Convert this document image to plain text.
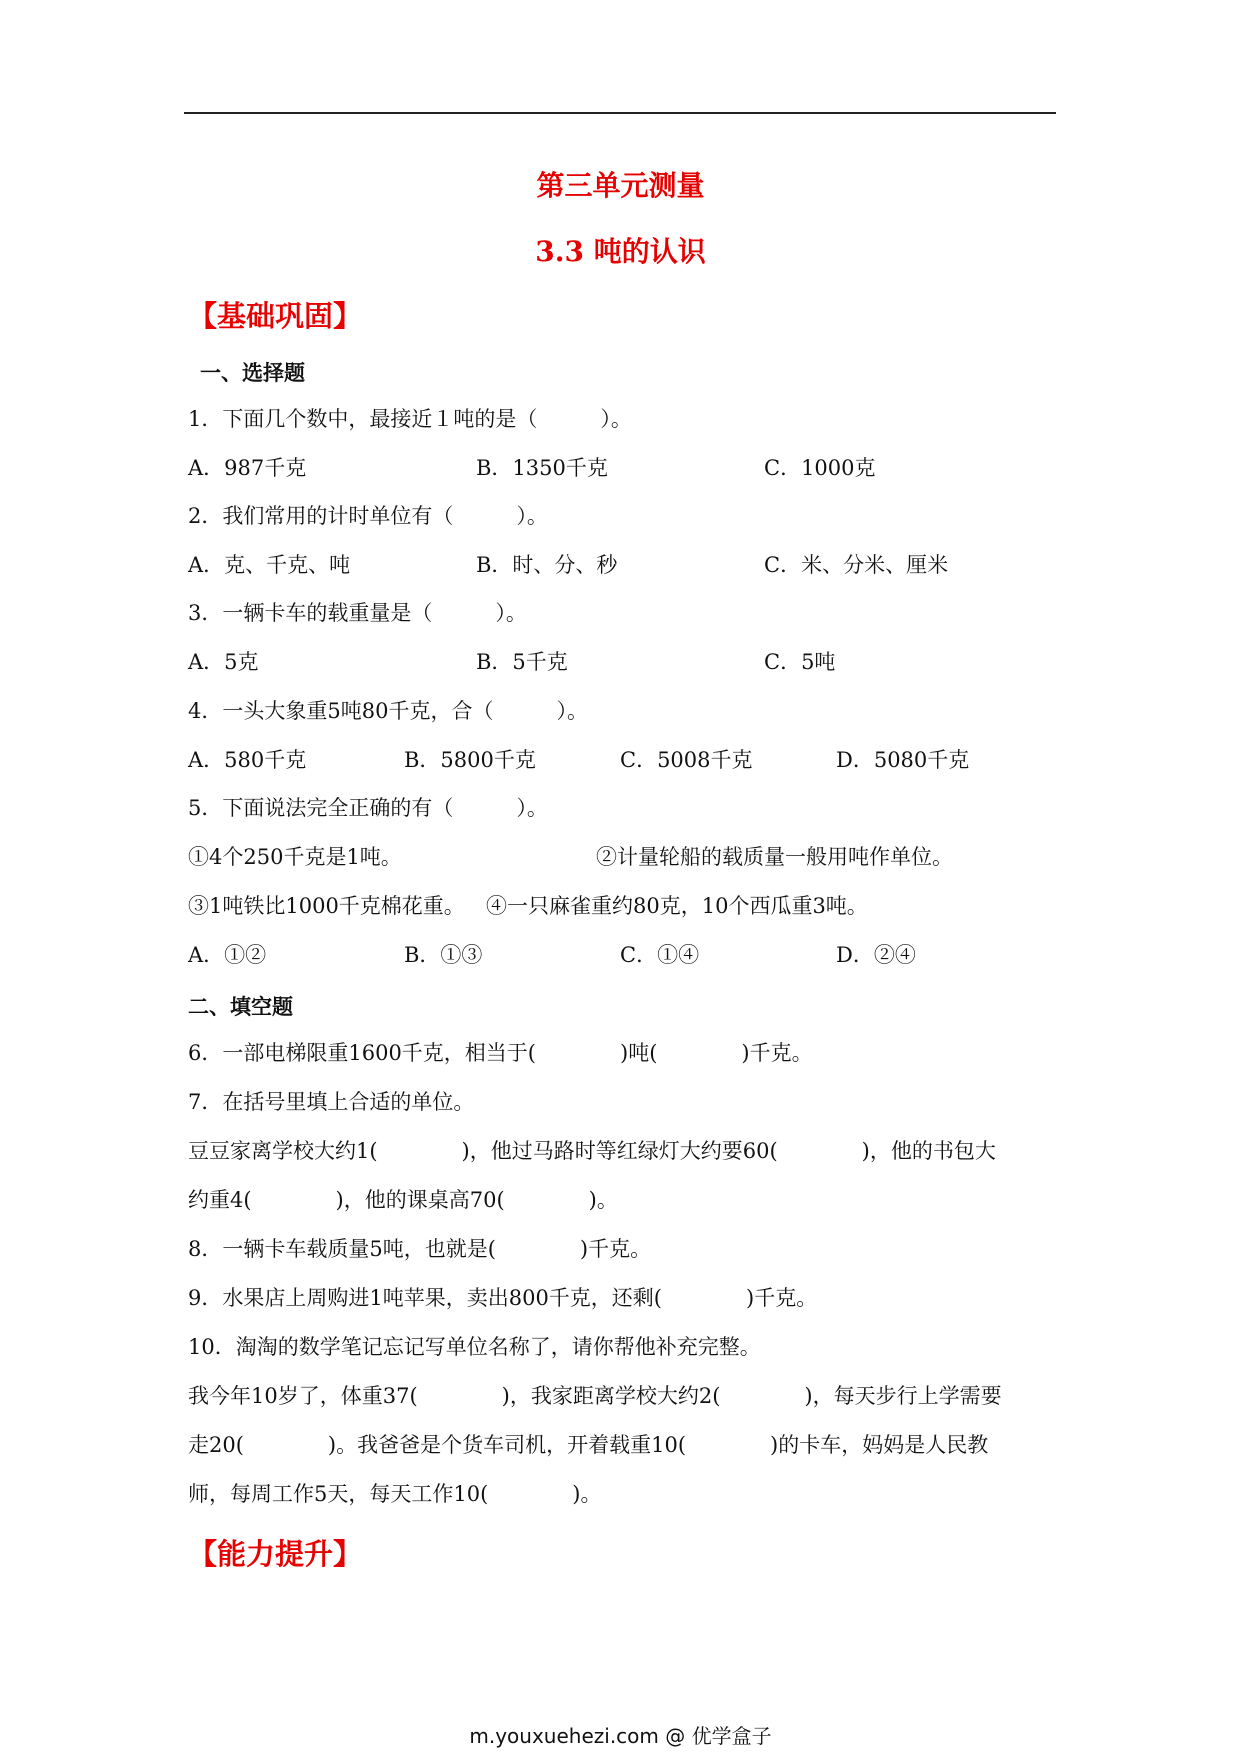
第三单元测量
3.3 吨的认识
【基础巩固】
一、选择题
1．下面几个数中，最接近１吨的是（　　　）。
A．987千克	B．1350千克	C．1000克
2．我们常用的计时单位有（　　　）。
A．克、千克、吨	B．时、分、秒	C．米、分米、厘米
3．一辆卡车的载重量是（　　　）。
A．5克	B．5千克	C．5吨
4．一头大象重5吨80千克，合（　　　）。
A．580千克	B．5800千克	C．5008千克	D．5080千克
5．下面说法完全正确的有（　　　）。
①4个250千克是1吨。	②计量轮船的载质量一般用吨作单位。
③1吨铁比1000千克棉花重。 ④一只麻雀重约80克，10个西瓜重3吨。
A．①②	B．①③	C．①④	D．②④
二、填空题
6．一部电梯限重1600千克，相当于(　　　　)吨(　　　　)千克。
7．在括号里填上合适的单位。
豆豆家离学校大约1(　　　　)，他过马路时等红绿灯大约要60(　　　　)，他的书包大
约重4(　　　　)，他的课桌高70(　　　　)。
8．一辆卡车载质量5吨，也就是(　　　　)千克。
9．水果店上周购进1吨苹果，卖出800千克，还剩(　　　　)千克。
10．淘淘的数学笔记忘记写单位名称了，请你帮他补充完整。
我今年10岁了，体重37(　　　　)，我家距离学校大约2(　　　　)，每天步行上学需要
走20(　　　　)。我爸爸是个货车司机，开着载重10(　　　　)的卡车，妈妈是人民教
师，每周工作5天，每天工作10(　　　　)。
【能力提升】
m.youxuehezi.com @ 优学盒子
